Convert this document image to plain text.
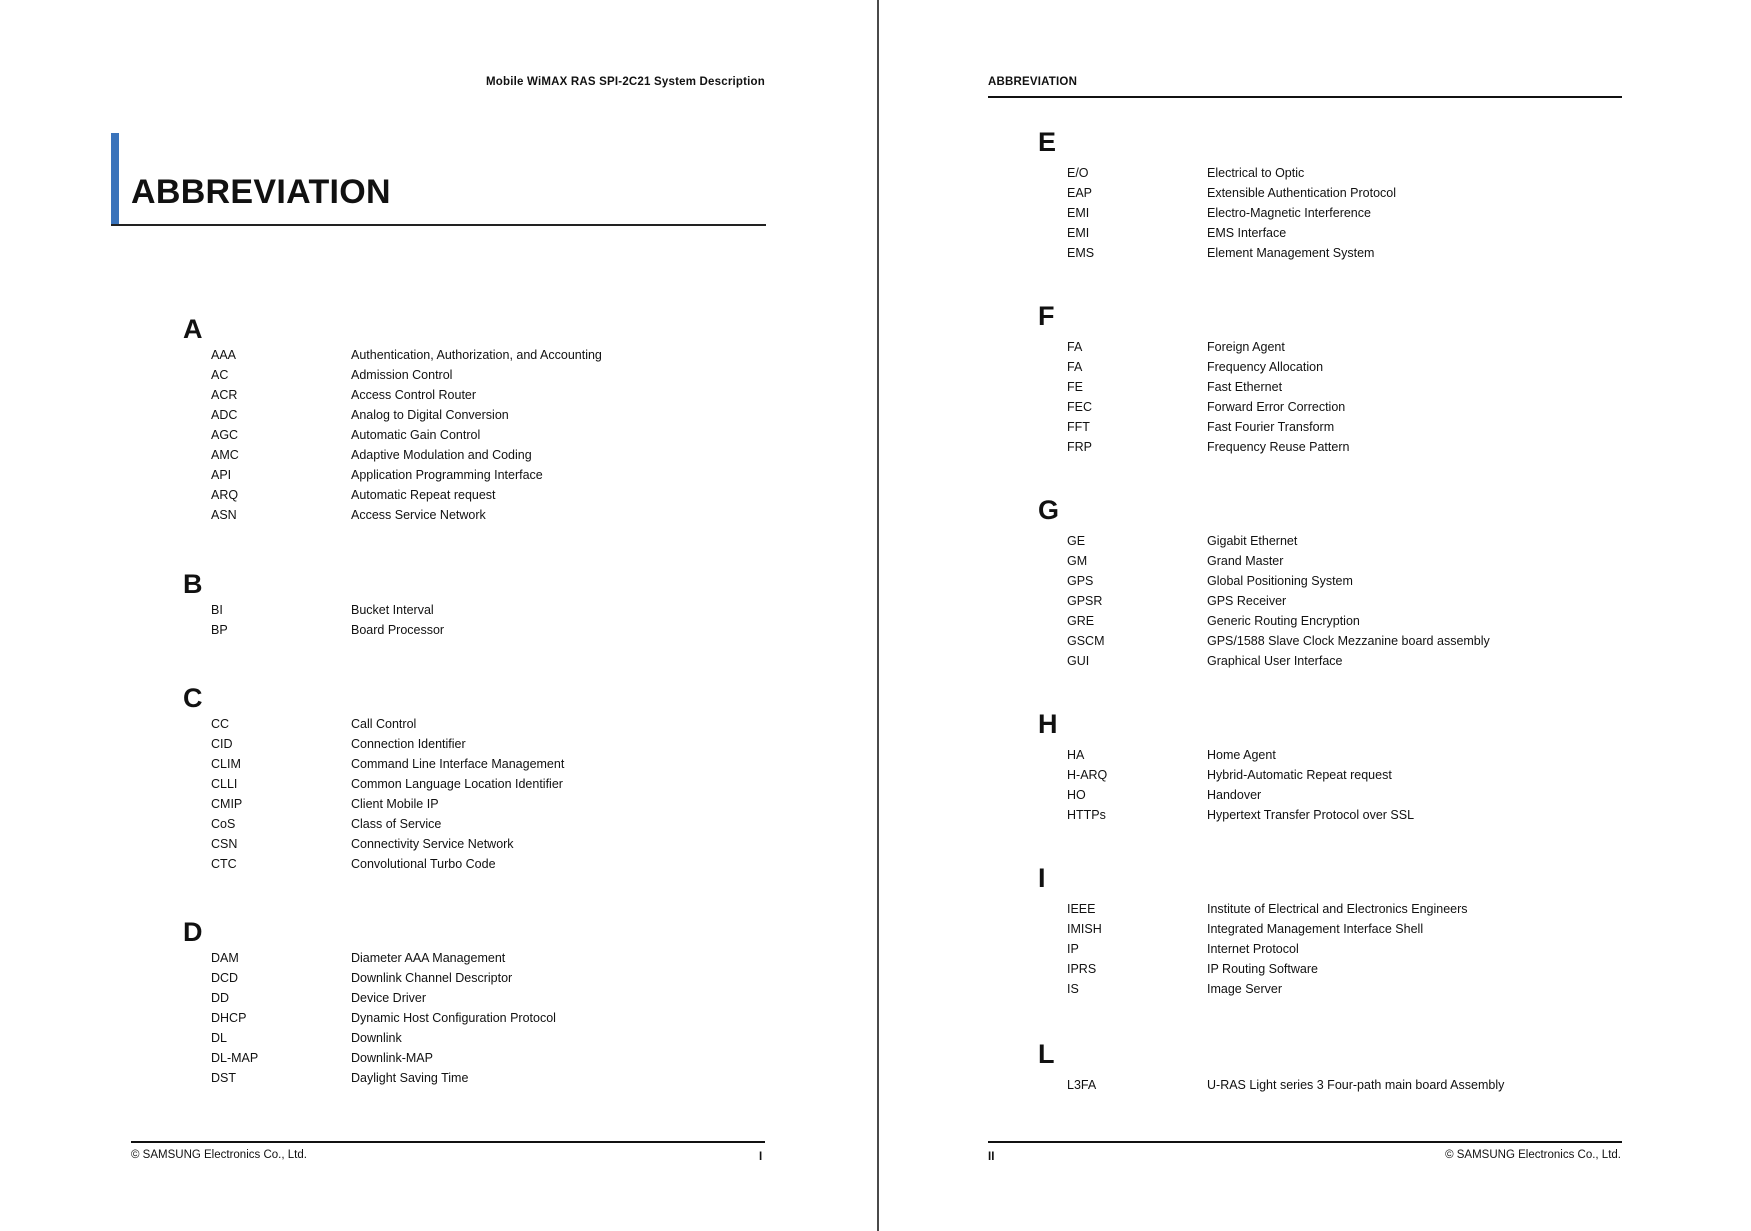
Mobile WiMAX RAS SPI-2C21 System Description
ABBREVIATION
A
AAA	Authentication, Authorization, and Accounting
AC	Admission Control
ACR	Access Control Router
ADC	Analog to Digital Conversion
AGC	Automatic Gain Control
AMC	Adaptive Modulation and Coding
API	Application Programming Interface
ARQ	Automatic Repeat request
ASN	Access Service Network
B
BI	Bucket Interval
BP	Board Processor
C
CC	Call Control
CID	Connection Identifier
CLIM	Command Line Interface Management
CLLI	Common Language Location Identifier
CMIP	Client Mobile IP
CoS	Class of Service
CSN	Connectivity Service Network
CTC	Convolutional Turbo Code
D
DAM	Diameter AAA Management
DCD	Downlink Channel Descriptor
DD	Device Driver
DHCP	Dynamic Host Configuration Protocol
DL	Downlink
DL-MAP	Downlink-MAP
DST	Daylight Saving Time
© SAMSUNG Electronics Co., Ltd.	I
ABBREVIATION
E
E/O	Electrical to Optic
EAP	Extensible Authentication Protocol
EMI	Electro-Magnetic Interference
EMI	EMS Interface
EMS	Element Management System
F
FA	Foreign Agent
FA	Frequency Allocation
FE	Fast Ethernet
FEC	Forward Error Correction
FFT	Fast Fourier Transform
FRP	Frequency Reuse Pattern
G
GE	Gigabit Ethernet
GM	Grand Master
GPS	Global Positioning System
GPSR	GPS Receiver
GRE	Generic Routing Encryption
GSCM	GPS/1588 Slave Clock Mezzanine board assembly
GUI	Graphical User Interface
H
HA	Home Agent
H-ARQ	Hybrid-Automatic Repeat request
HO	Handover
HTTPs	Hypertext Transfer Protocol over SSL
I
IEEE	Institute of Electrical and Electronics Engineers
IMISH	Integrated Management Interface Shell
IP	Internet Protocol
IPRS	IP Routing Software
IS	Image Server
L
L3FA	U-RAS Light series 3 Four-path main board Assembly
II	© SAMSUNG Electronics Co., Ltd.
